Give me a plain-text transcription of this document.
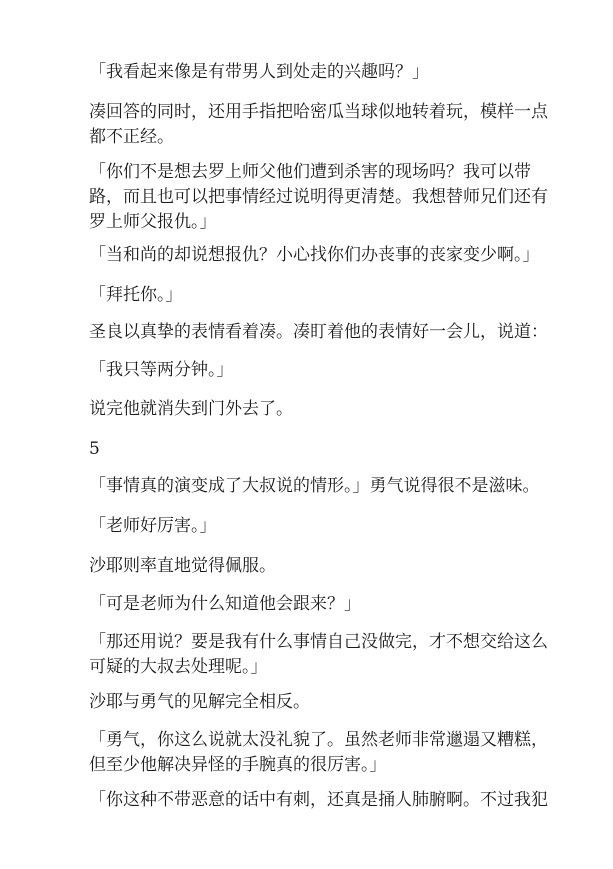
「我看起来像是有带男人到处走的兴趣吗？」

凑回答的同时，还用手指把哈密瓜当球似地转着玩，模样一点都不正经。

「你们不是想去罗上师父他们遭到杀害的现场吗？我可以带路，而且也可以把事情经过说明得更清楚。我想替师兄们还有罗上师父报仇。」

「当和尚的却说想报仇？小心找你们办丧事的丧家变少啊。」

「拜托你。」

圣良以真挚的表情看着凑。凑盯着他的表情好一会儿，说道：

「我只等两分钟。」

说完他就消失到门外去了。

5

「事情真的演变成了大叔说的情形。」勇气说得很不是滋味。

「老师好厉害。」

沙耶则率直地觉得佩服。

「可是老师为什么知道他会跟来？」

「那还用说？要是我有什么事情自己没做完，才不想交给这么可疑的大叔去处理呢。」

沙耶与勇气的见解完全相反。

「勇气，你这么说就太没礼貌了。虽然老师非常邋遢又糟糕，但至少他解决异怪的手腕真的很厉害。」

「你这种不带恶意的话中有刺，还真是捅人肺腑啊。不过我犯
